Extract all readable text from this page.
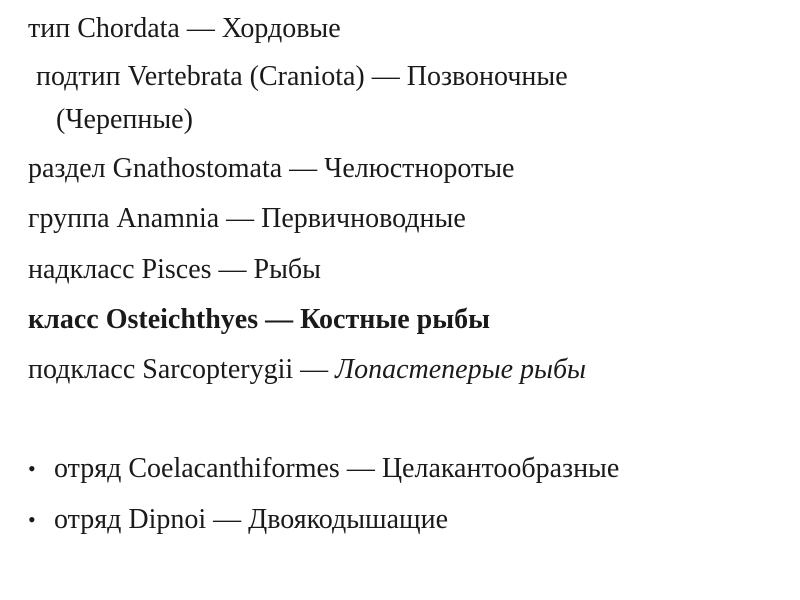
тип Chordata — Хордовые
подтип Vertebrata (Craniota) — Позвоночные
(Черепные)
раздел Gnathostomata — Челюстноротые
группа Anamnia — Первичноводные
надкласс Pisces — Рыбы
класс Osteichthyes — Костные рыбы
подкласс Sarcopterygii — Лопастеперые рыбы
• отряд Coelacanthiformes — Целакантообразные
• отряд Dipnoi — Двоякодышащие
